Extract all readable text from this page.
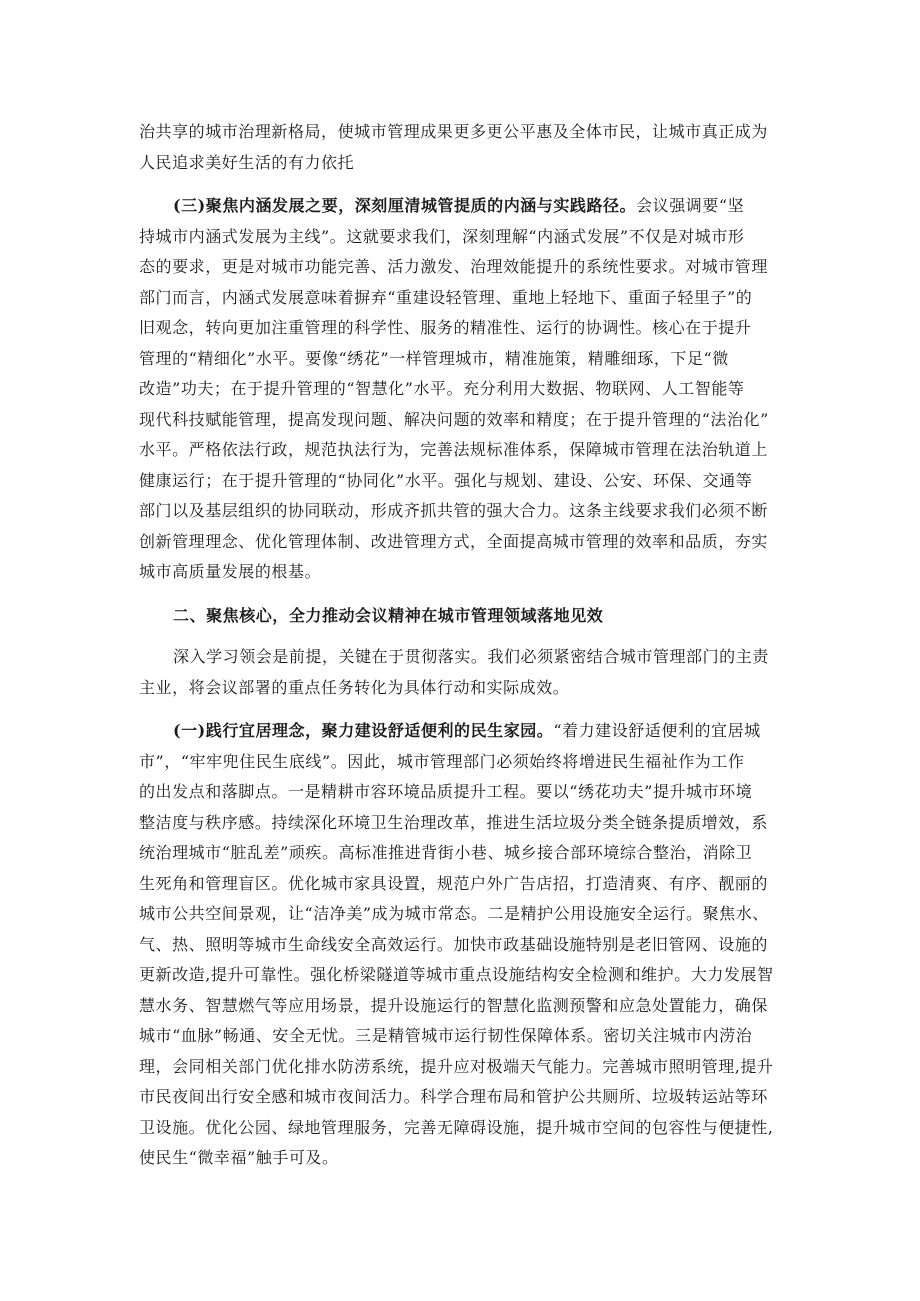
治共享的城市治理新格局，使城市管理成果更多更公平惠及全体市民，让城市真正成为
人民追求美好生活的有力依托
(三)聚焦内涵发展之要，深刻厘清城管提质的内涵与实践路径。会议强调要“坚
持城市内涵式发展为主线”。这就要求我们，深刻理解“内涵式发展”不仅是对城市形
态的要求，更是对城市功能完善、活力激发、治理效能提升的系统性要求。对城市管理
部门而言，内涵式发展意味着摒弃“重建设轻管理、重地上轻地下、重面子轻里子”的
旧观念，转向更加注重管理的科学性、服务的精准性、运行的协调性。核心在于提升
管理的“精细化”水平。要像“绣花”一样管理城市，精准施策，精雕细琢，下足“微
改造”功夫；在于提升管理的“智慧化”水平。充分利用大数据、物联网、人工智能等
现代科技赋能管理，提高发现问题、解决问题的效率和精度；在于提升管理的“法治化”
水平。严格依法行政，规范执法行为，完善法规标准体系，保障城市管理在法治轨道上
健康运行；在于提升管理的“协同化”水平。强化与规划、建设、公安、环保、交通等
部门以及基层组织的协同联动，形成齐抓共管的强大合力。这条主线要求我们必须不断
创新管理理念、优化管理体制、改进管理方式，全面提高城市管理的效率和品质，夯实
城市高质量发展的根基。
二、聚焦核心，全力推动会议精神在城市管理领域落地见效
深入学习领会是前提，关键在于贯彻落实。我们必须紧密结合城市管理部门的主责
主业，将会议部署的重点任务转化为具体行动和实际成效。
(一)践行宜居理念，聚力建设舒适便利的民生家园。“着力建设舒适便利的宜居城
市”，“牢牢兜住民生底线”。因此，城市管理部门必须始终将增进民生福祉作为工作
的出发点和落脚点。一是精耕市容环境品质提升工程。要以“绣花功夫”提升城市环境
整洁度与秩序感。持续深化环境卫生治理改革，推进生活垃圾分类全链条提质增效，系
统治理城市“脏乱差”顽疾。高标准推进背街小巷、城乡接合部环境综合整治，消除卫
生死角和管理盲区。优化城市家具设置，规范户外广告店招，打造清爽、有序、靓丽的
城市公共空间景观，让“洁净美”成为城市常态。二是精护公用设施安全运行。聚焦水、
气、热、照明等城市生命线安全高效运行。加快市政基础设施特别是老旧管网、设施的
更新改造,提升可靠性。强化桥梁隧道等城市重点设施结构安全检测和维护。大力发展智
慧水务、智慧燃气等应用场景，提升设施运行的智慧化监测预警和应急处置能力，确保
城市“血脉”畅通、安全无忧。三是精管城市运行韧性保障体系。密切关注城市内涝治
理，会同相关部门优化排水防涝系统，提升应对极端天气能力。完善城市照明管理,提升
市民夜间出行安全感和城市夜间活力。科学合理布局和管护公共厕所、垃圾转运站等环
卫设施。优化公园、绿地管理服务，完善无障碍设施，提升城市空间的包容性与便捷性,
使民生“微幸福”触手可及。
